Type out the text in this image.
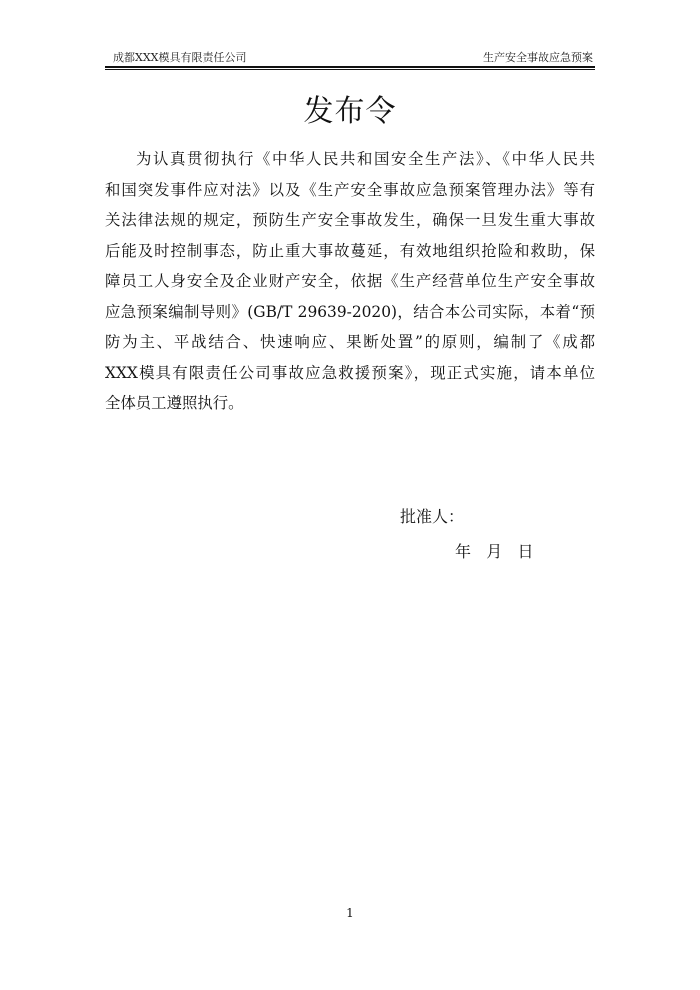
成都XXX模具有限责任公司	生产安全事故应急预案
发布令
为认真贯彻执行《中华人民共和国安全生产法》、《中华人民共
和国突发事件应对法》以及《生产安全事故应急预案管理办法》等有
关法律法规的规定，预防生产安全事故发生，确保一旦发生重大事故
后能及时控制事态，防止重大事故蔓延，有效地组织抢险和救助，保
障员工人身安全及企业财产安全，依据《生产经营单位生产安全事故
应急预案编制导则》(GB/T 29639-2020)，结合本公司实际，本着“预
防为主、平战结合、快速响应、果断处置”的原则，编制了《成都
XXX模具有限责任公司事故应急救援预案》，现正式实施，请本单位
全体员工遵照执行。
批准人：
年   月   日
1
